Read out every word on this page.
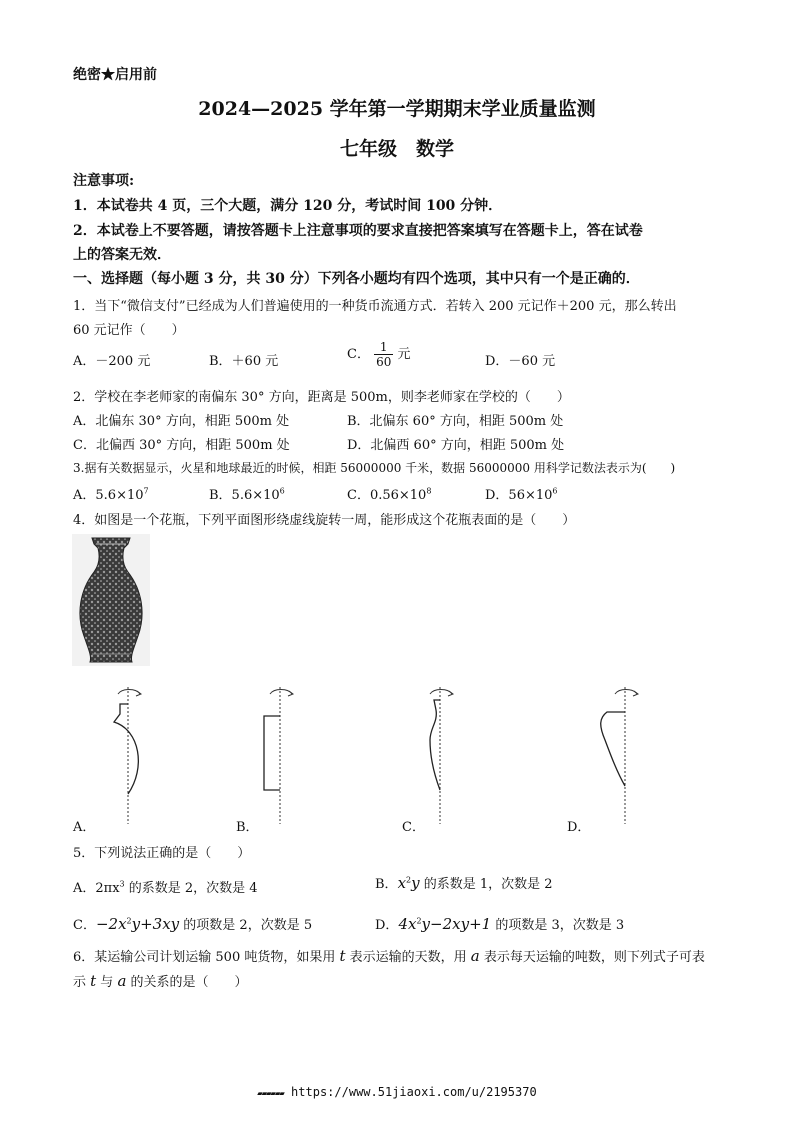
绝密★启用前
2024—2025 学年第一学期期末学业质量监测
七年级　数学
注意事项:
1．本试卷共 4 页，三个大题，满分 120 分，考试时间 100 分钟．
2．本试卷上不要答题，请按答题卡上注意事项的要求直接把答案填写在答题卡上，答在试卷
上的答案无效．
一、选择题（每小题 3 分，共 30 分）下列各小题均有四个选项，其中只有一个是正确的．
1．当下“微信支付”已经成为人们普遍使用的一种货币流通方式．若转入 200 元记作＋200 元，那么转出
60 元记作（　　）
A．－200 元	B．＋60 元	C． $\frac{1}{60}$ 元	D．－60 元
2．学校在李老师家的南偏东 30° 方向，距离是 500m，则李老师家在学校的（　　）
A．北偏东 30° 方向，相距 500m 处	B．北偏东 60° 方向，相距 500m 处
C．北偏西 30° 方向，相距 500m 处	D．北偏西 60° 方向，相距 500m 处
3.据有关数据显示，火星和地球最近的时候，相距 56000000 千米，数据 56000000 用科学记数法表示为(　　)
A．$5.6\times 10^7$	B．$5.6\times 10^6$	C．$0.56\times 10^8$	D．$56\times 10^6$
4．如图是一个花瓶，下列平面图形绕虚线旋转一周，能形成这个花瓶表面的是（　　）
A．	B．	C．	D．
5．下列说法正确的是（　　）
A．$2\pi x^3$ 的系数是 2，次数是 4	B．$x^2y$ 的系数是 1，次数是 2
C．$-2x^2y+3xy$ 的项数是 2，次数是 5	D．$4x^2y-2xy+1$ 的项数是 3，次数是 3
6．某运输公司计划运输 500 吨货物，如果用 t 表示运输的天数，用 a 表示每天运输的吨数，则下列式子可表
示 t 与 a 的关系的是（　　）
▰▰▰▰▰▰ https://www.51jiaoxi.com/u/2195370
